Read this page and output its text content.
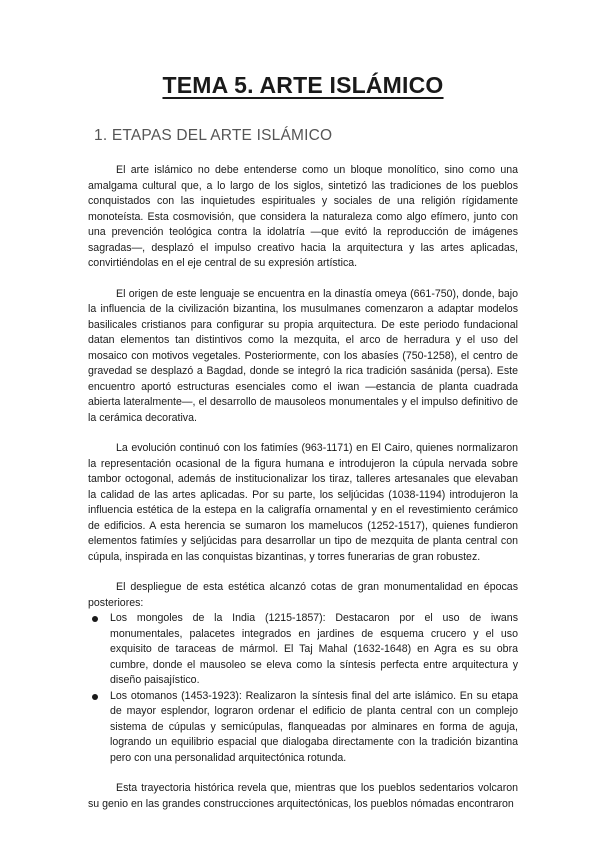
TEMA 5. ARTE ISLÁMICO
1. ETAPAS DEL ARTE ISLÁMICO

El arte islámico no debe entenderse como un bloque monolítico, sino como una amalgama cultural que, a lo largo de los siglos, sintetizó las tradiciones de los pueblos conquistados con las inquietudes espirituales y sociales de una religión rígidamente monoteísta. Esta cosmovisión, que considera la naturaleza como algo efímero, junto con una prevención teológica contra la idolatría —que evitó la reproducción de imágenes sagradas—, desplazó el impulso creativo hacia la arquitectura y las artes aplicadas, convirtiéndolas en el eje central de su expresión artística.

El origen de este lenguaje se encuentra en la dinastía omeya (661-750), donde, bajo la influencia de la civilización bizantina, los musulmanes comenzaron a adaptar modelos basilicales cristianos para configurar su propia arquitectura. De este periodo fundacional datan elementos tan distintivos como la mezquita, el arco de herradura y el uso del mosaico con motivos vegetales. Posteriormente, con los abasíes (750-1258), el centro de gravedad se desplazó a Bagdad, donde se integró la rica tradición sasánida (persa). Este encuentro aportó estructuras esenciales como el iwan —estancia de planta cuadrada abierta lateralmente—, el desarrollo de mausoleos monumentales y el impulso definitivo de la cerámica decorativa.

La evolución continuó con los fatimíes (963-1171) en El Cairo, quienes normalizaron la representación ocasional de la figura humana e introdujeron la cúpula nervada sobre tambor octogonal, además de institucionalizar los tiraz, talleres artesanales que elevaban la calidad de las artes aplicadas. Por su parte, los seljúcidas (1038-1194) introdujeron la influencia estética de la estepa en la caligrafía ornamental y en el revestimiento cerámico de edificios. A esta herencia se sumaron los mamelucos (1252-1517), quienes fundieron elementos fatimíes y seljúcidas para desarrollar un tipo de mezquita de planta central con cúpula, inspirada en las conquistas bizantinas, y torres funerarias de gran robustez.

El despliegue de esta estética alcanzó cotas de gran monumentalidad en épocas posteriores:

Los mongoles de la India (1215-1857): Destacaron por el uso de iwans monumentales, palacetes integrados en jardines de esquema crucero y el uso exquisito de taraceas de mármol. El Taj Mahal (1632-1648) en Agra es su obra cumbre, donde el mausoleo se eleva como la síntesis perfecta entre arquitectura y diseño paisajístico.
Los otomanos (1453-1923): Realizaron la síntesis final del arte islámico. En su etapa de mayor esplendor, lograron ordenar el edificio de planta central con un complejo sistema de cúpulas y semicúpulas, flanqueadas por alminares en forma de aguja, logrando un equilibrio espacial que dialogaba directamente con la tradición bizantina pero con una personalidad arquitectónica rotunda.

Esta trayectoria histórica revela que, mientras que los pueblos sedentarios volcaron su genio en las grandes construcciones arquitectónicas, los pueblos nómadas encontraron
